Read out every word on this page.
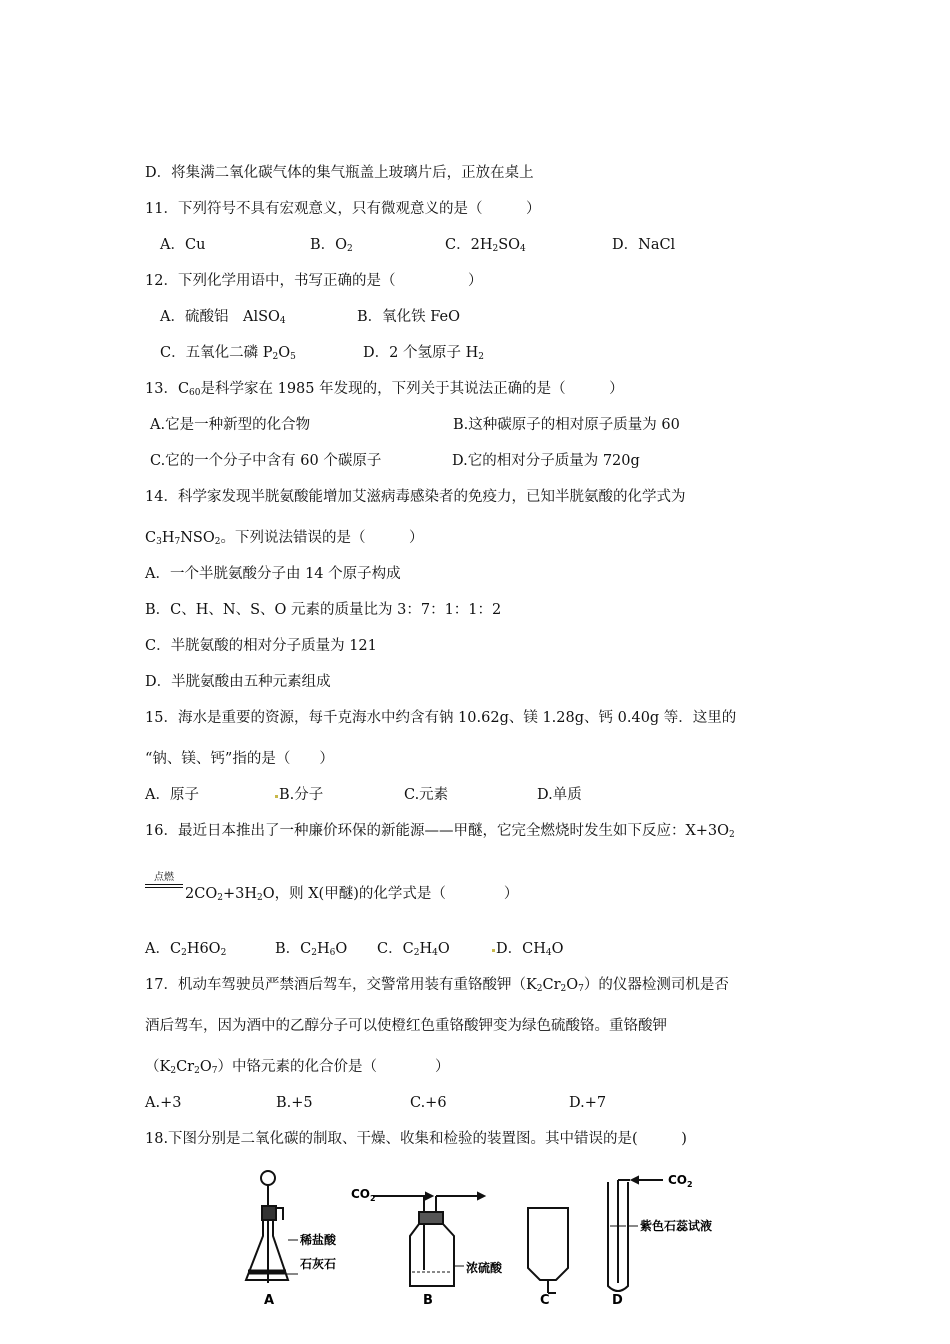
D．将集满二氧化碳气体的集气瓶盖上玻璃片后，正放在桌上
11．下列符号不具有宏观意义，只有微观意义的是（　　　）
A．Cu	B．$O_2$	C．$2H_2SO_4$	D．NaCl
12．下列化学用语中，书写正确的是（　　　　　）
A．硫酸铝　AlSO$_4$	B．氧化铁 FeO
C．五氧化二磷 $P_2O_5$	D．2 个氢原子 $H_2$
13．$C_{60}$是科学家在 1985 年发现的，下列关于其说法正确的是（　　　）
A.它是一种新型的化合物	B.这种碳原子的相对原子质量为 60
C.它的一个分子中含有 60 个碳原子	D.它的相对分子质量为 720g
14．科学家发现半胱氨酸能增加艾滋病毒感染者的免疫力，已知半胱氨酸的化学式为
$C_3H_7NSO_2$。下列说法错误的是（　　　）
A．一个半胱氨酸分子由 14 个原子构成
B．C、H、N、S、O 元素的质量比为 3：7：1：1：2
C．半胱氨酸的相对分子质量为 121
D．半胱氨酸由五种元素组成
15．海水是重要的资源，每千克海水中约含有钠 10.62g、镁 1.28g、钙 0.40g 等．这里的
“钠、镁、钙”指的是（　　）
A．原子	B.分子	C.元素	D.单质
16．最近日本推出了一种廉价环保的新能源——甲醚，它完全燃烧时发生如下反应：$X+3O_2$
点燃
$2CO_2+3H_2O$，则 X(甲醚)的化学式是（　　　　）
A．$C_2H6O_2$	B．$C_2H_6O$ C．$C_2H_4O$	D．$CH_4O$
17．机动车驾驶员严禁酒后驾车，交警常用装有重铬酸钾$(K_2Cr_2O_7)$的仪器检测司机是否
酒后驾车，因为酒中的乙醇分子可以使橙红色重铬酸钾变为绿色硫酸铬。重铬酸钾
$(K_2Cr_2O_7)$中铬元素的化合价是（　　　　）
A.+3	B.+5	C.+6	D.+7
18.下图分别是二氧化碳的制取、干燥、收集和检验的装置图。其中错误的是(　　　)
稀盐酸
石灰石
A
$CO_2$
浓硫酸
B	C
$CO_2$
紫色石蕊试液
D
